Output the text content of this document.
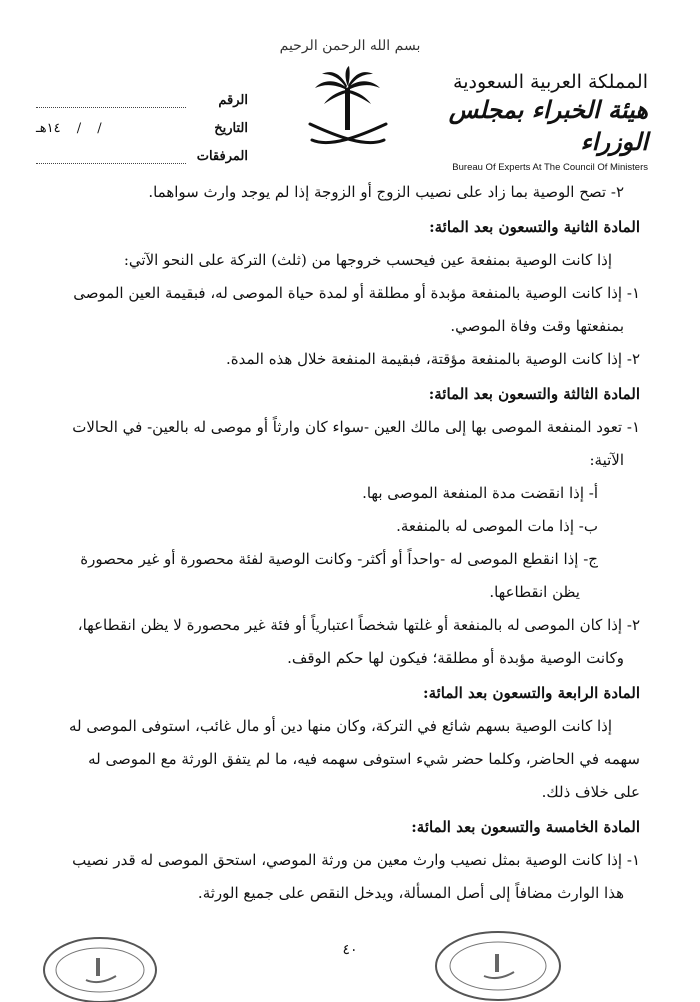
بسم الله الرحمن الرحيم
المملكة العربية السعودية
هيئة الخبراء بمجلس الوزراء
Bureau Of Experts At The Council Of Ministers
الرقم
التاريخ
/ / ١٤هـ
المرفقات

٢- تصح الوصية بما زاد على نصيب الزوج أو الزوجة إذا لم يوجد وارث سواهما.

المادة الثانية والتسعون بعد المائة:

إذا كانت الوصية بمنفعة عين فيحسب خروجها من (ثلث) التركة على النحو الآتي:

١- إذا كانت الوصية بالمنفعة مؤبدة أو مطلقة أو لمدة حياة الموصى له، فبقيمة العين الموصى بمنفعتها وقت وفاة الموصي.

٢- إذا كانت الوصية بالمنفعة مؤقتة، فبقيمة المنفعة خلال هذه المدة.

المادة الثالثة والتسعون بعد المائة:

١- تعود المنفعة الموصى بها إلى مالك العين -سواء كان وارثاً أو موصى له بالعين- في الحالات الآتية:

أ- إذا انقضت مدة المنفعة الموصى بها.

ب- إذا مات الموصى له بالمنفعة.

ج- إذا انقطع الموصى له -واحداً أو أكثر- وكانت الوصية لفئة محصورة أو غير محصورة يظن انقطاعها.

٢- إذا كان الموصى له بالمنفعة أو غلتها شخصاً اعتبارياً أو فئة غير محصورة لا يظن انقطاعها، وكانت الوصية مؤبدة أو مطلقة؛ فيكون لها حكم الوقف.

المادة الرابعة والتسعون بعد المائة:

إذا كانت الوصية بسهم شائع في التركة، وكان منها دين أو مال غائب، استوفى الموصى له سهمه في الحاضر، وكلما حضر شيء استوفى سهمه فيه، ما لم يتفق الورثة مع الموصى له على خلاف ذلك.

المادة الخامسة والتسعون بعد المائة:

١- إذا كانت الوصية بمثل نصيب وارث معين من ورثة الموصي، استحق الموصى له قدر نصيب هذا الوارث مضافاً إلى أصل المسألة، ويدخل النقص على جميع الورثة.

٤٠
